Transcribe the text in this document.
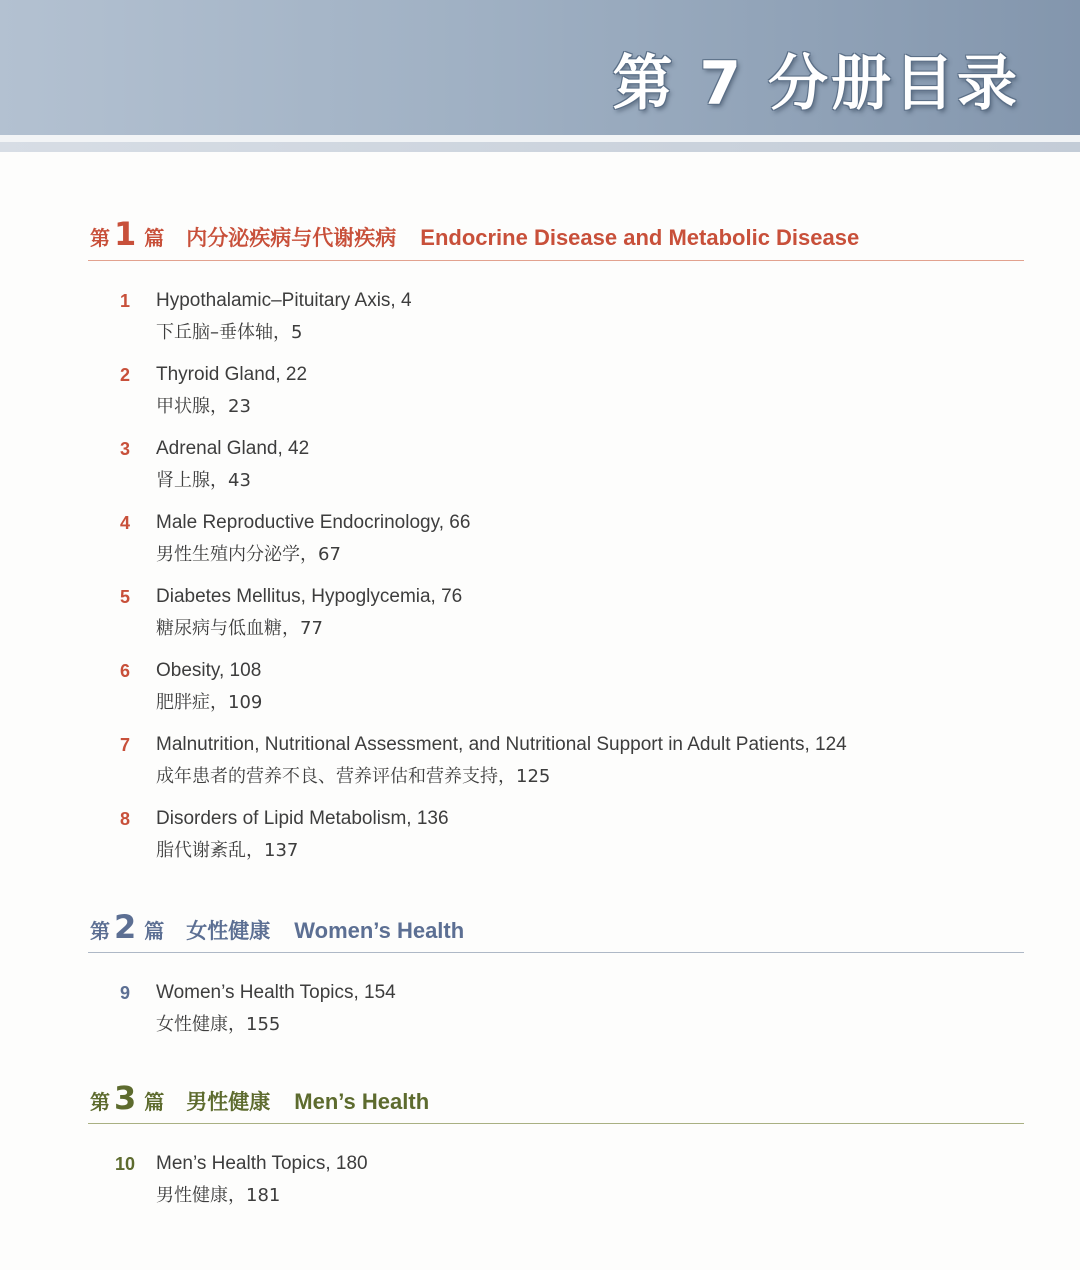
第 7 分册目录
第 1 篇 内分泌疾病与代谢疾病 Endocrine Disease and Metabolic Disease
1	Hypothalamic–Pituitary Axis, 4
下丘脑–垂体轴，5
2	Thyroid Gland, 22
甲状腺，23
3	Adrenal Gland, 42
肾上腺，43
4	Male Reproductive Endocrinology, 66
男性生殖内分泌学，67
5	Diabetes Mellitus, Hypoglycemia, 76
糖尿病与低血糖，77
6	Obesity, 108
肥胖症，109
7	Malnutrition, Nutritional Assessment, and Nutritional Support in Adult Patients, 124
成年患者的营养不良、营养评估和营养支持，125
8	Disorders of Lipid Metabolism, 136
脂代谢紊乱，137
第 2 篇 女性健康 Women’s Health
9	Women’s Health Topics, 154
女性健康，155
第 3 篇 男性健康 Men’s Health
10 Men’s Health Topics, 180
男性健康，181
